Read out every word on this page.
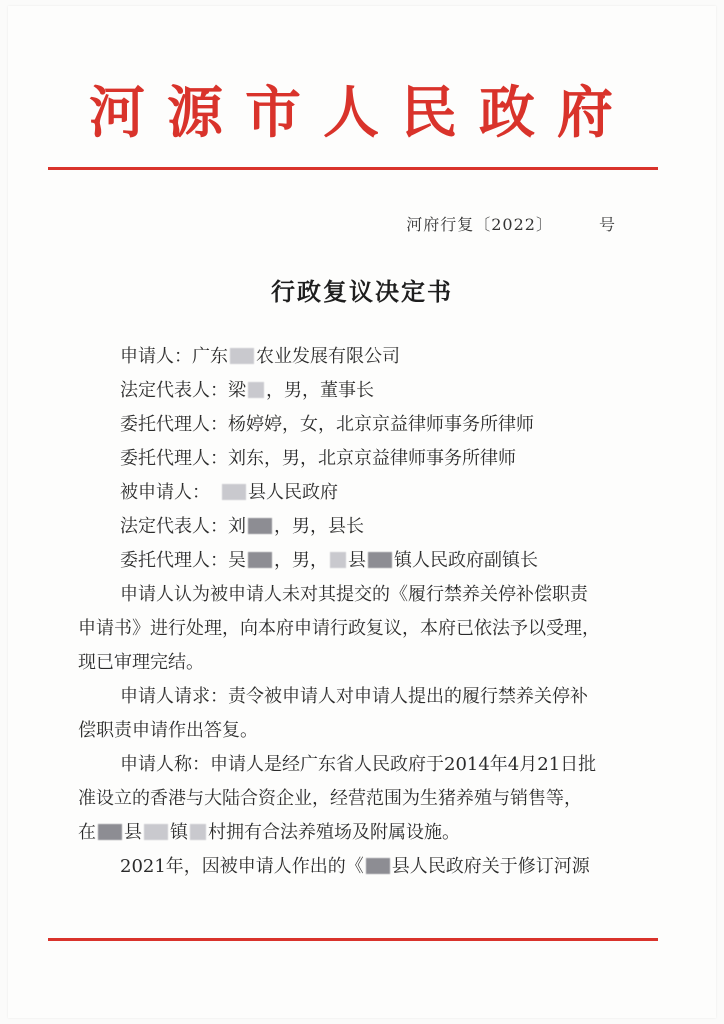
河源市人民政府
河府行复〔2022〕	号
行政复议决定书
申请人：广东 农业发展有限公司
法定代表人：梁 ，男，董事长
委托代理人：杨婷婷，女，北京京益律师事务所律师
委托代理人：刘东，男，北京京益律师事务所律师
被申请人： 县人民政府
法定代表人：刘 ，男，县长
委托代理人：吴 ，男， 县 镇人民政府副镇长
申请人认为被申请人未对其提交的《履行禁养关停补偿职责
申请书》进行处理，向本府申请行政复议，本府已依法予以受理，
现已审理完结。
申请人请求：责令被申请人对申请人提出的履行禁养关停补
偿职责申请作出答复。
申请人称：申请人是经广东省人民政府于2014年4月21日批
准设立的香港与大陆合资企业，经营范围为生猪养殖与销售等，
在 县 镇 村拥有合法养殖场及附属设施。
2021年，因被申请人作出的《 县人民政府关于修订河源
